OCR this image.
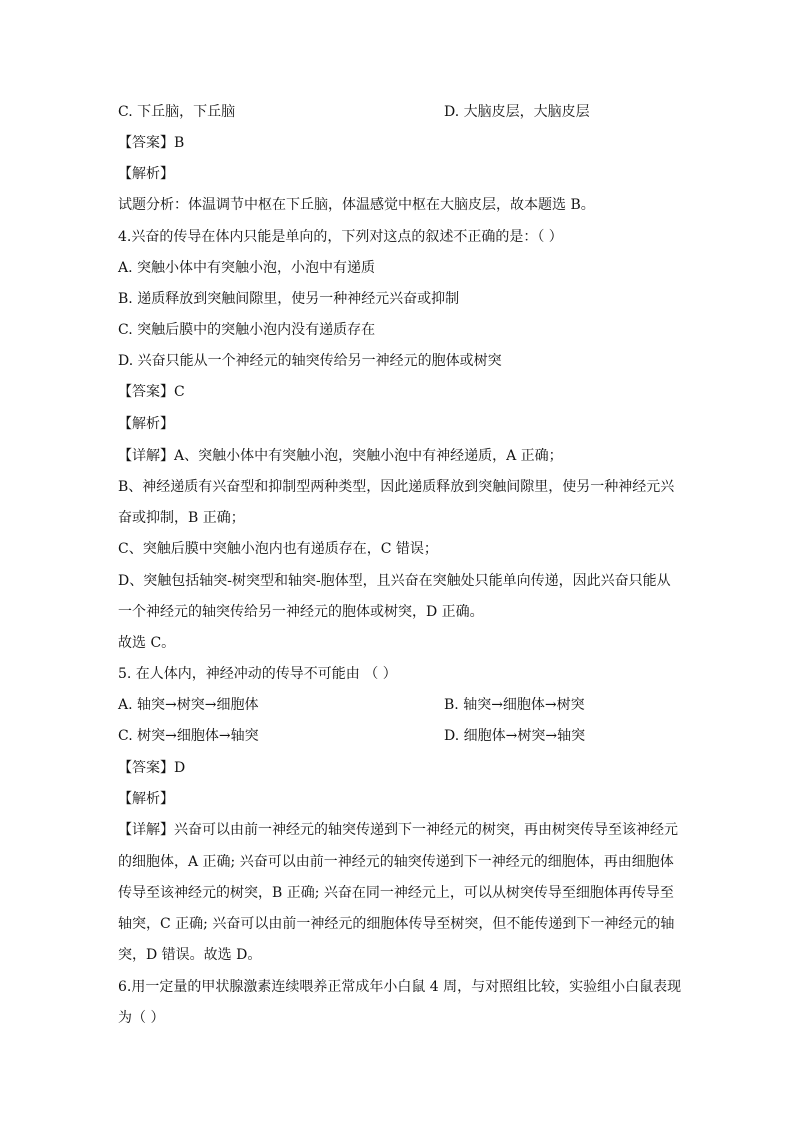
C. 下丘脑，下丘脑	D. 大脑皮层，大脑皮层
【答案】B
【解析】
试题分析：体温调节中枢在下丘脑，体温感觉中枢在大脑皮层，故本题选 B。
4.兴奋的传导在体内只能是单向的，下列对这点的叙述不正确的是：（ ）
A. 突触小体中有突触小泡，小泡中有递质
B. 递质释放到突触间隙里，使另一种神经元兴奋或抑制
C. 突触后膜中的突触小泡内没有递质存在
D. 兴奋只能从一个神经元的轴突传给另一神经元的胞体或树突
【答案】C
【解析】
【详解】A、突触小体中有突触小泡，突触小泡中有神经递质，A 正确；
B、神经递质有兴奋型和抑制型两种类型，因此递质释放到突触间隙里，使另一种神经元兴
奋或抑制，B 正确；
C、突触后膜中突触小泡内也有递质存在，C 错误；
D、突触包括轴突-树突型和轴突-胞体型，且兴奋在突触处只能单向传递，因此兴奋只能从
一个神经元的轴突传给另一神经元的胞体或树突，D 正确。
故选 C。
5. 在人体内，神经冲动的传导不可能由 （ ）
A. 轴突→树突→细胞体	B. 轴突→细胞体→树突
C. 树突→细胞体→轴突	D. 细胞体→树突→轴突
【答案】D
【解析】
【详解】兴奋可以由前一神经元的轴突传递到下一神经元的树突，再由树突传导至该神经元
的细胞体，A 正确; 兴奋可以由前一神经元的轴突传递到下一神经元的细胞体，再由细胞体
传导至该神经元的树突，B 正确; 兴奋在同一神经元上，可以从树突传导至细胞体再传导至
轴突，C 正确; 兴奋可以由前一神经元的细胞体传导至树突，但不能传递到下一神经元的轴
突，D 错误。故选 D。
6.用一定量的甲状腺激素连续喂养正常成年小白鼠 4 周，与对照组比较，实验组小白鼠表现
为（ ）
